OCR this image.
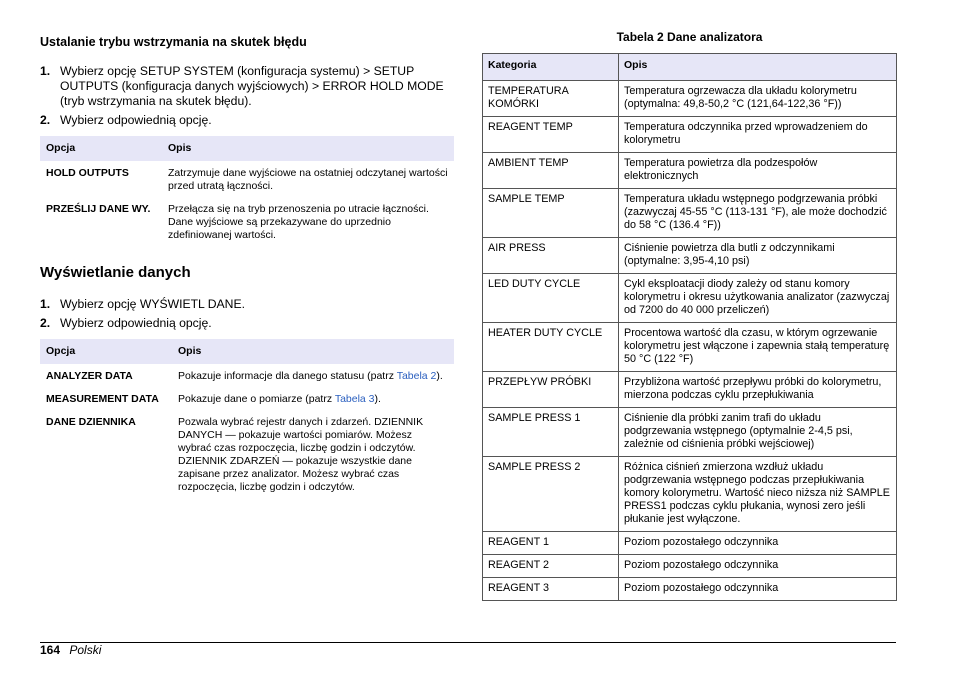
Ustalanie trybu wstrzymania na skutek błędu
1. Wybierz opcję SETUP SYSTEM (konfiguracja systemu) > SETUP OUTPUTS (konfiguracja danych wyjściowych) > ERROR HOLD MODE (tryb wstrzymania na skutek błędu).
2. Wybierz odpowiednią opcję.
Opcja	Opis
HOLD OUTPUTS	Zatrzymuje dane wyjściowe na ostatniej odczytanej wartości przed utratą łączności.
PRZEŚLIJ DANE WY.	Przełącza się na tryb przenoszenia po utracie łączności. Dane wyjściowe są przekazywane do uprzednio zdefiniowanej wartości.
Wyświetlanie danych
1. Wybierz opcję WYŚWIETL DANE.
2. Wybierz odpowiednią opcję.
Opcja	Opis
ANALYZER DATA	Pokazuje informacje dla danego statusu (patrz Tabela 2).
MEASUREMENT DATA	Pokazuje dane o pomiarze (patrz Tabela 3).
DANE DZIENNIKA	Pozwala wybrać rejestr danych i zdarzeń. DZIENNIK DANYCH — pokazuje wartości pomiarów. Możesz wybrać czas rozpoczęcia, liczbę godzin i odczytów. DZIENNIK ZDARZEŃ — pokazuje wszystkie dane zapisane przez analizator. Możesz wybrać czas rozpoczęcia, liczbę godzin i odczytów.
Tabela 2 Dane analizatora
Kategoria	Opis
TEMPERATURA KOMÓRKI	Temperatura ogrzewacza dla układu kolorymetru (optymalna: 49,8-50,2 °C (121,64-122,36 °F))
REAGENT TEMP	Temperatura odczynnika przed wprowadzeniem do kolorymetru
AMBIENT TEMP	Temperatura powietrza dla podzespołów elektronicznych
SAMPLE TEMP	Temperatura układu wstępnego podgrzewania próbki (zazwyczaj 45-55 °C (113-131 °F), ale może dochodzić do 58 °C (136.4 °F))
AIR PRESS	Ciśnienie powietrza dla butli z odczynnikami (optymalne: 3,95-4,10 psi)
LED DUTY CYCLE	Cykl eksploatacji diody zależy od stanu komory kolorymetru i okresu użytkowania analizator (zazwyczaj od 7200 do 40 000 przeliczeń)
HEATER DUTY CYCLE	Procentowa wartość dla czasu, w którym ogrzewanie kolorymetru jest włączone i zapewnia stałą temperaturę 50 °C (122 °F)
PRZEPŁYW PRÓBKI	Przybliżona wartość przepływu próbki do kolorymetru, mierzona podczas cyklu przepłukiwania
SAMPLE PRESS 1	Ciśnienie dla próbki zanim trafi do układu podgrzewania wstępnego (optymalnie 2-4,5 psi, zależnie od ciśnienia próbki wejściowej)
SAMPLE PRESS 2	Różnica ciśnień zmierzona wzdłuż układu podgrzewania wstępnego podczas przepłukiwania komory kolorymetru. Wartość nieco niższa niż SAMPLE PRESS1 podczas cyklu płukania, wynosi zero jeśli płukanie jest wyłączone.
REAGENT 1	Poziom pozostałego odczynnika
REAGENT 2	Poziom pozostałego odczynnika
REAGENT 3	Poziom pozostałego odczynnika
164 Polski
